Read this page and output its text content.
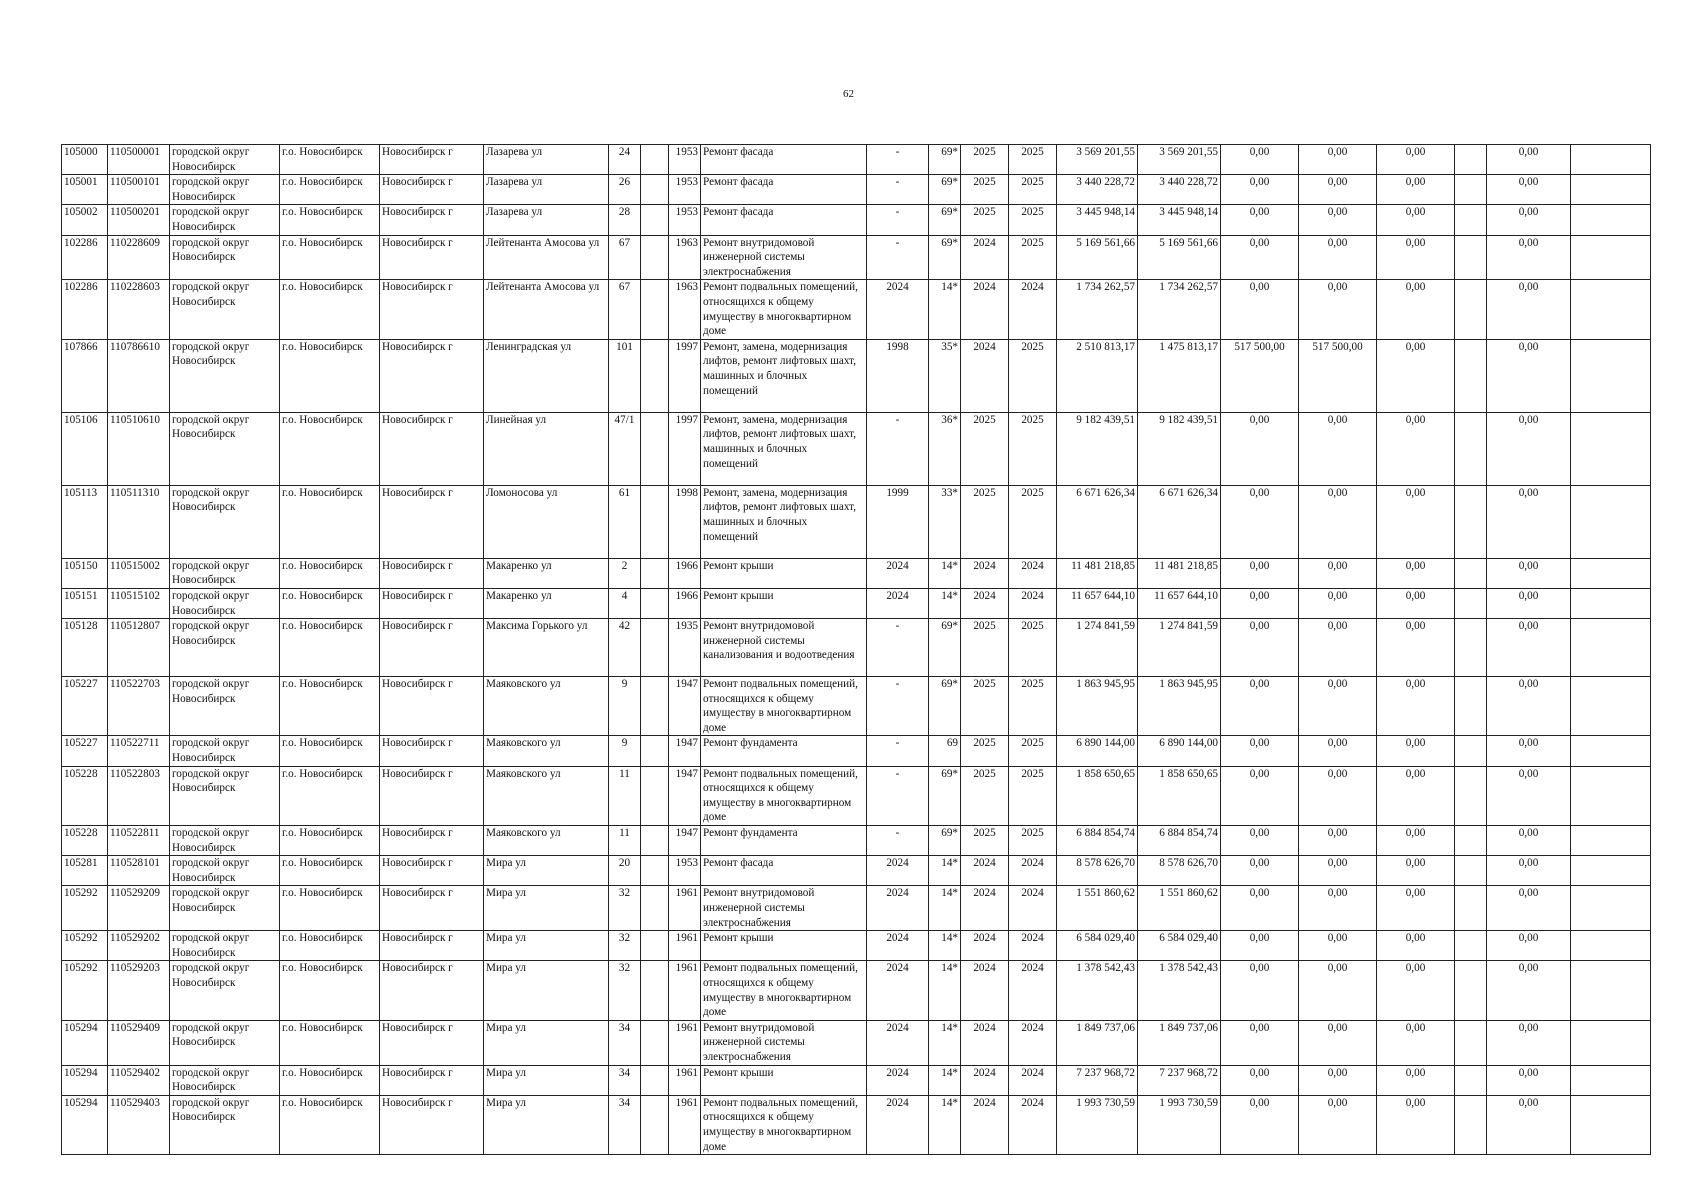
62
105000	110500001	городской округ Новосибирск	г.о. Новосибирск	Новосибирск г	Лазарева ул	24		1953	Ремонт фасада	-	69*	2025	2025	3 569 201,55	3 569 201,55	0,00	0,00	0,00		0,00	
105001	110500101	городской округ Новосибирск	г.о. Новосибирск	Новосибирск г	Лазарева ул	26		1953	Ремонт фасада	-	69*	2025	2025	3 440 228,72	3 440 228,72	0,00	0,00	0,00		0,00	
105002	110500201	городской округ Новосибирск	г.о. Новосибирск	Новосибирск г	Лазарева ул	28		1953	Ремонт фасада	-	69*	2025	2025	3 445 948,14	3 445 948,14	0,00	0,00	0,00		0,00	
102286	110228609	городской округ Новосибирск	г.о. Новосибирск	Новосибирск г	Лейтенанта Амосова ул	67		1963	Ремонт внутридомовой инженерной системы электроснабжения	-	69*	2024	2025	5 169 561,66	5 169 561,66	0,00	0,00	0,00		0,00	
102286	110228603	городской округ Новосибирск	г.о. Новосибирск	Новосибирск г	Лейтенанта Амосова ул	67		1963	Ремонт подвальных помещений, относящихся к общему имуществу в многоквартирном доме	2024	14*	2024	2024	1 734 262,57	1 734 262,57	0,00	0,00	0,00		0,00	
107866	110786610	городской округ Новосибирск	г.о. Новосибирск	Новосибирск г	Ленинградская ул	101		1997	Ремонт, замена, модернизация лифтов, ремонт лифтовых шахт, машинных и блочных помещений	1998	35*	2024	2025	2 510 813,17	1 475 813,17	517 500,00	517 500,00	0,00		0,00	
105106	110510610	городской округ Новосибирск	г.о. Новосибирск	Новосибирск г	Линейная ул	47/1		1997	Ремонт, замена, модернизация лифтов, ремонт лифтовых шахт, машинных и блочных помещений	-	36*	2025	2025	9 182 439,51	9 182 439,51	0,00	0,00	0,00		0,00	
105113	110511310	городской округ Новосибирск	г.о. Новосибирск	Новосибирск г	Ломоносова ул	61		1998	Ремонт, замена, модернизация лифтов, ремонт лифтовых шахт, машинных и блочных помещений	1999	33*	2025	2025	6 671 626,34	6 671 626,34	0,00	0,00	0,00		0,00	
105150	110515002	городской округ Новосибирск	г.о. Новосибирск	Новосибирск г	Макаренко ул	2		1966	Ремонт крыши	2024	14*	2024	2024	11 481 218,85	11 481 218,85	0,00	0,00	0,00		0,00	
105151	110515102	городской округ Новосибирск	г.о. Новосибирск	Новосибирск г	Макаренко ул	4		1966	Ремонт крыши	2024	14*	2024	2024	11 657 644,10	11 657 644,10	0,00	0,00	0,00		0,00	
105128	110512807	городской округ Новосибирск	г.о. Новосибирск	Новосибирск г	Максима Горького ул	42		1935	Ремонт внутридомовой инженерной системы канализования и водоотведения	-	69*	2025	2025	1 274 841,59	1 274 841,59	0,00	0,00	0,00		0,00	
105227	110522703	городской округ Новосибирск	г.о. Новосибирск	Новосибирск г	Маяковского ул	9		1947	Ремонт подвальных помещений, относящихся к общему имуществу в многоквартирном доме	-	69*	2025	2025	1 863 945,95	1 863 945,95	0,00	0,00	0,00		0,00	
105227	110522711	городской округ Новосибирск	г.о. Новосибирск	Новосибирск г	Маяковского ул	9		1947	Ремонт фундамента	-	69	2025	2025	6 890 144,00	6 890 144,00	0,00	0,00	0,00		0,00	
105228	110522803	городской округ Новосибирск	г.о. Новосибирск	Новосибирск г	Маяковского ул	11		1947	Ремонт подвальных помещений, относящихся к общему имуществу в многоквартирном доме	-	69*	2025	2025	1 858 650,65	1 858 650,65	0,00	0,00	0,00		0,00	
105228	110522811	городской округ Новосибирск	г.о. Новосибирск	Новосибирск г	Маяковского ул	11		1947	Ремонт фундамента	-	69*	2025	2025	6 884 854,74	6 884 854,74	0,00	0,00	0,00		0,00	
105281	110528101	городской округ Новосибирск	г.о. Новосибирск	Новосибирск г	Мира ул	20		1953	Ремонт фасада	2024	14*	2024	2024	8 578 626,70	8 578 626,70	0,00	0,00	0,00		0,00	
105292	110529209	городской округ Новосибирск	г.о. Новосибирск	Новосибирск г	Мира ул	32		1961	Ремонт внутридомовой инженерной системы электроснабжения	2024	14*	2024	2024	1 551 860,62	1 551 860,62	0,00	0,00	0,00		0,00	
105292	110529202	городской округ Новосибирск	г.о. Новосибирск	Новосибирск г	Мира ул	32		1961	Ремонт крыши	2024	14*	2024	2024	6 584 029,40	6 584 029,40	0,00	0,00	0,00		0,00	
105292	110529203	городской округ Новосибирск	г.о. Новосибирск	Новосибирск г	Мира ул	32		1961	Ремонт подвальных помещений, относящихся к общему имуществу в многоквартирном доме	2024	14*	2024	2024	1 378 542,43	1 378 542,43	0,00	0,00	0,00		0,00	
105294	110529409	городской округ Новосибирск	г.о. Новосибирск	Новосибирск г	Мира ул	34		1961	Ремонт внутридомовой инженерной системы электроснабжения	2024	14*	2024	2024	1 849 737,06	1 849 737,06	0,00	0,00	0,00		0,00	
105294	110529402	городской округ Новосибирск	г.о. Новосибирск	Новосибирск г	Мира ул	34		1961	Ремонт крыши	2024	14*	2024	2024	7 237 968,72	7 237 968,72	0,00	0,00	0,00		0,00	
105294	110529403	городской округ Новосибирск	г.о. Новосибирск	Новосибирск г	Мира ул	34		1961	Ремонт подвальных помещений, относящихся к общему имуществу в многоквартирном доме	2024	14*	2024	2024	1 993 730,59	1 993 730,59	0,00	0,00	0,00		0,00	
